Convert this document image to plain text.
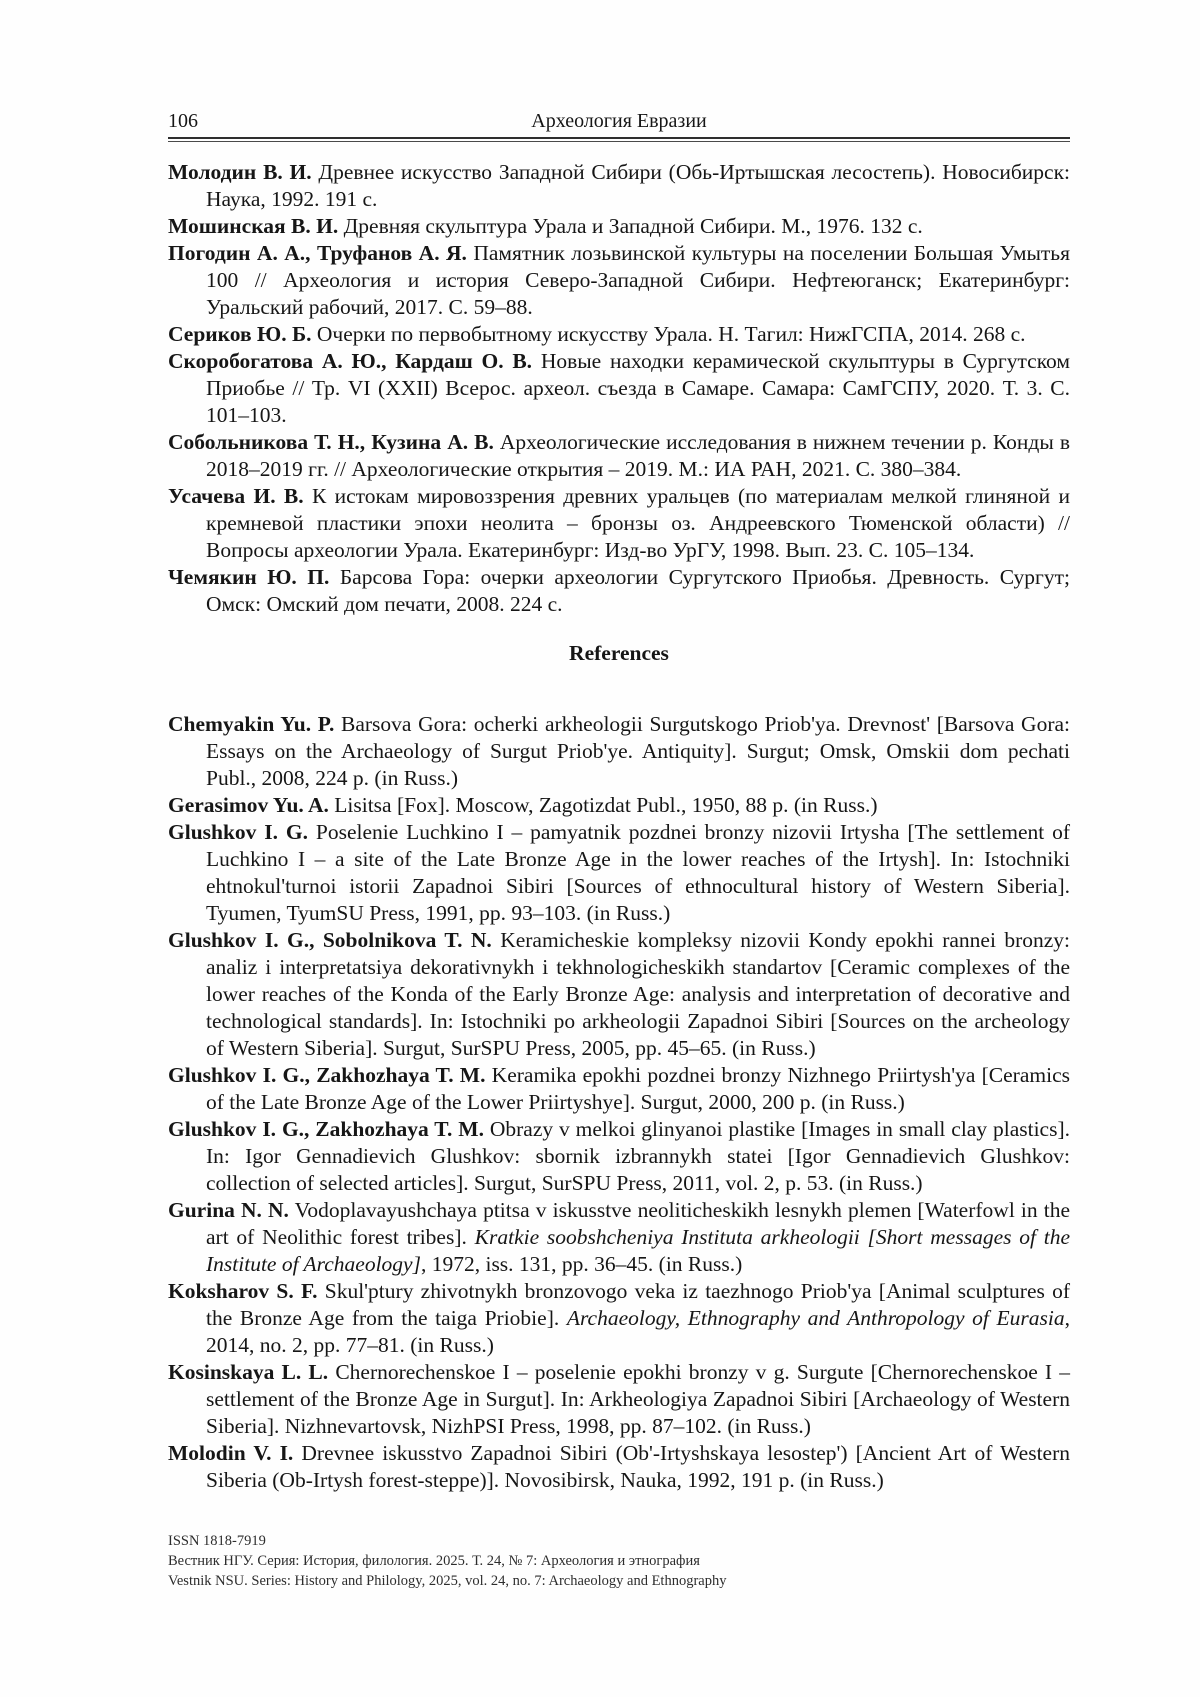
106	Археология Евразии

Молодин В. И. Древнее искусство Западной Сибири (Обь-Иртышская лесостепь). Новосибирск: Наука, 1992. 191 с.

Мошинская В. И. Древняя скульптура Урала и Западной Сибири. М., 1976. 132 с.

Погодин А. А., Труфанов А. Я. Памятник лозьвинской культуры на поселении Большая Умытья 100 // Археология и история Северо-Западной Сибири. Нефтеюганск; Екатеринбург: Уральский рабочий, 2017. С. 59–88.

Сериков Ю. Б. Очерки по первобытному искусству Урала. Н. Тагил: НижГСПА, 2014. 268 с.

Скоробогатова А. Ю., Кардаш О. В. Новые находки керамической скульптуры в Сургутском Приобье // Тр. VI (XXII) Всерос. археол. съезда в Самаре. Самара: СамГСПУ, 2020. Т. 3. С. 101–103.

Собольникова Т. Н., Кузина А. В. Археологические исследования в нижнем течении р. Конды в 2018–2019 гг. // Археологические открытия – 2019. М.: ИА РАН, 2021. С. 380–384.

Усачева И. В. К истокам мировоззрения древних уральцев (по материалам мелкой глиняной и кремневой пластики эпохи неолита – бронзы оз. Андреевского Тюменской области) // Вопросы археологии Урала. Екатеринбург: Изд-во УрГУ, 1998. Вып. 23. С. 105–134.

Чемякин Ю. П. Барсова Гора: очерки археологии Сургутского Приобья. Древность. Сургут; Омск: Омский дом печати, 2008. 224 с.

References

Chemyakin Yu. P. Barsova Gora: ocherki arkheologii Surgutskogo Priob'ya. Drevnost' [Barsova Gora: Essays on the Archaeology of Surgut Priob'ye. Antiquity]. Surgut; Omsk, Omskii dom pechati Publ., 2008, 224 p. (in Russ.)

Gerasimov Yu. A. Lisitsa [Fox]. Moscow, Zagotizdat Publ., 1950, 88 p. (in Russ.)

Glushkov I. G. Poselenie Luchkino I – pamyatnik pozdnei bronzy nizovii Irtysha [The settlement of Luchkino I – a site of the Late Bronze Age in the lower reaches of the Irtysh]. In: Istochniki ehtnokul'turnoi istorii Zapadnoi Sibiri [Sources of ethnocultural history of Western Siberia]. Tyumen, TyumSU Press, 1991, pp. 93–103. (in Russ.)

Glushkov I. G., Sobolnikova T. N. Keramicheskie kompleksy nizovii Kondy epokhi rannei bronzy: analiz i interpretatsiya dekorativnykh i tekhnologicheskikh standartov [Ceramic complexes of the lower reaches of the Konda of the Early Bronze Age: analysis and interpretation of decorative and technological standards]. In: Istochniki po arkheologii Zapadnoi Sibiri [Sources on the archeology of Western Siberia]. Surgut, SurSPU Press, 2005, pp. 45–65. (in Russ.)

Glushkov I. G., Zakhozhaya T. M. Keramika epokhi pozdnei bronzy Nizhnego Priirtysh'ya [Ceramics of the Late Bronze Age of the Lower Priirtyshye]. Surgut, 2000, 200 p. (in Russ.)

Glushkov I. G., Zakhozhaya T. M. Obrazy v melkoi glinyanoi plastike [Images in small clay plastics]. In: Igor Gennadievich Glushkov: sbornik izbrannykh statei [Igor Gennadievich Glushkov: collection of selected articles]. Surgut, SurSPU Press, 2011, vol. 2, p. 53. (in Russ.)

Gurina N. N. Vodoplavayushchaya ptitsa v iskusstve neoliticheskikh lesnykh plemen [Waterfowl in the art of Neolithic forest tribes]. Kratkie soobshcheniya Instituta arkheologii [Short messages of the Institute of Archaeology], 1972, iss. 131, pp. 36–45. (in Russ.)

Koksharov S. F. Skul'ptury zhivotnykh bronzovogo veka iz taezhnogo Priob'ya [Animal sculptures of the Bronze Age from the taiga Priobie]. Archaeology, Ethnography and Anthropology of Eurasia, 2014, no. 2, pp. 77–81. (in Russ.)

Kosinskaya L. L. Chernorechenskoe I – poselenie epokhi bronzy v g. Surgute [Chernorechenskoe I – settlement of the Bronze Age in Surgut]. In: Arkheologiya Zapadnoi Sibiri [Archaeology of Western Siberia]. Nizhnevartovsk, NizhPSI Press, 1998, pp. 87–102. (in Russ.)

Molodin V. I. Drevnee iskusstvo Zapadnoi Sibiri (Ob'-Irtyshskaya lesostep') [Ancient Art of Western Siberia (Ob-Irtysh forest-steppe)]. Novosibirsk, Nauka, 1992, 191 p. (in Russ.)

ISSN 1818-7919
Вестник НГУ. Серия: История, филология. 2025. Т. 24, № 7: Археология и этнография
Vestnik NSU. Series: History and Philology, 2025, vol. 24, no. 7: Archaeology and Ethnography
